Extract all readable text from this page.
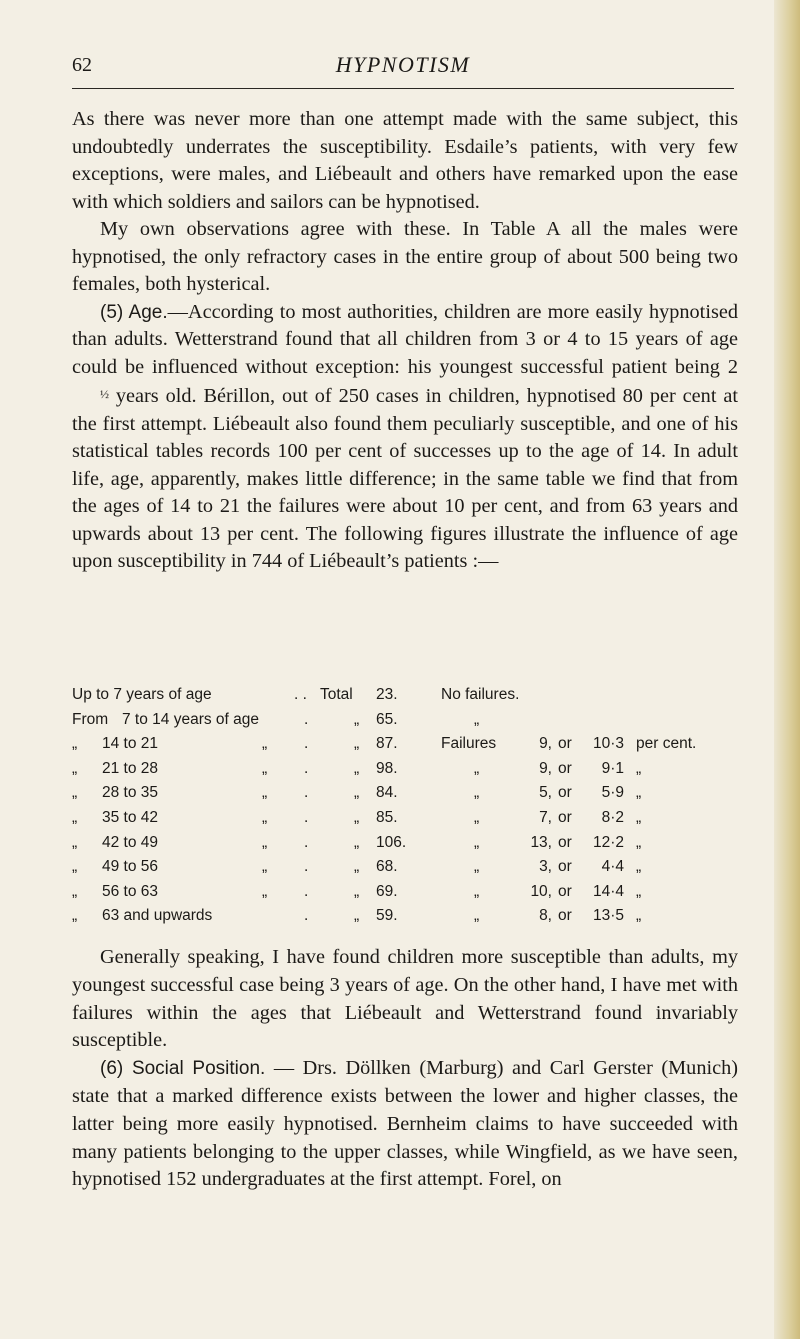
62	HYPNOTISM

As there was never more than one attempt made with the same subject, this undoubtedly underrates the susceptibility. Esdaile’s patients, with very few exceptions, were males, and Liébeault and others have remarked upon the ease with which soldiers and sailors can be hypnotised.

My own observations agree with these. In Table A all the males were hypnotised, the only refractory cases in the entire group of about 500 being two females, both hysterical.

(5) Age.—According to most authorities, children are more easily hypnotised than adults. Wetterstrand found that all children from 3 or 4 to 15 years of age could be influenced without exception: his youngest successful patient being 2½ years old. Bérillon, out of 250 cases in children, hypnotised 80 per cent at the first attempt. Liébeault also found them peculiarly susceptible, and one of his statistical tables records 100 per cent of successes up to the age of 14. In adult life, age, apparently, makes little difference; in the same table we find that from the ages of 14 to 21 the failures were about 10 per cent, and from 63 years and upwards about 13 per cent. The following figures illustrate the influence of age upon susceptibility in 744 of Liébeault’s patients :—

Up to 7 years of age	. . Total 23.	No failures.
From 7 to 14 years of age	.	„ 65.	„
„	14 to 21	„ .	„ 87.	Failures	9, or	10·3 per cent.
„	21 to 28	„ .	„ 98.	„	9, or	9·1 „
„	28 to 35	„ .	„ 84.	„	5, or	5·9 „
„	35 to 42	„ .	„ 85.	„	7, or	8·2 „
„	42 to 49	„ .	„ 106.	„	13, or	12·2 „
„	49 to 56	„ .	„ 68.	„	3, or	4·4 „
„	56 to 63	„ .	„ 69.	„	10, or	14·4 „
„	63 and upwards	.	„ 59.	„	8, or	13·5 „

Generally speaking, I have found children more susceptible than adults, my youngest successful case being 3 years of age. On the other hand, I have met with failures within the ages that Liébeault and Wetterstrand found invariably susceptible.

(6) Social Position. — Drs. Döllken (Marburg) and Carl Gerster (Munich) state that a marked difference exists between the lower and higher classes, the latter being more easily hypnotised. Bernheim claims to have succeeded with many patients belonging to the upper classes, while Wingfield, as we have seen, hypnotised 152 undergraduates at the first attempt. Forel, on
